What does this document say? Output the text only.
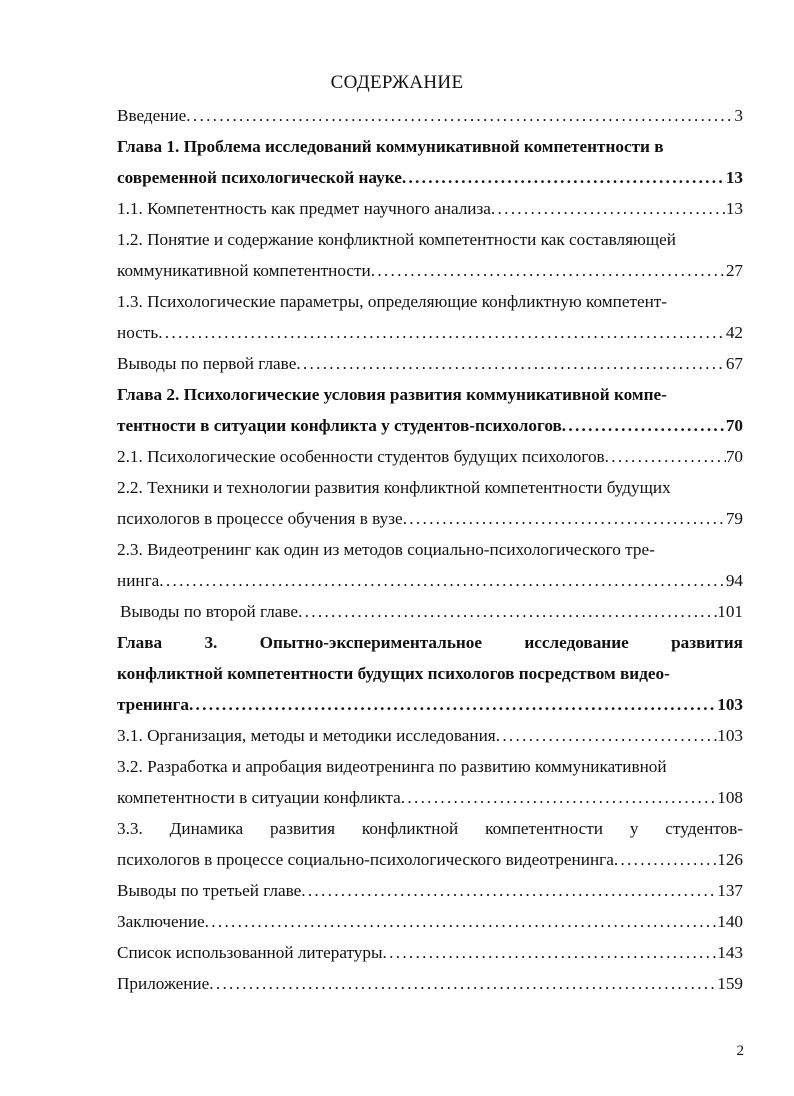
СОДЕРЖАНИЕ
Введение . . .	3
Глава 1. Проблема исследований коммуникативной компетентности в
современной психологической науке . . .	13
1.1. Компетентность как предмет научного анализа . . .	13
1.2. Понятие и содержание конфликтной компетентности как составляющей
коммуникативной компетентности . . .	27
1.3. Психологические параметры, определяющие конфликтную компетент-
ность . . .	42
Выводы по первой главе . . .	67
Глава 2. Психологические условия развития коммуникативной компе-
тентности в ситуации конфликта у студентов-психологов . . .	70
2.1. Психологические особенности студентов будущих психологов . . .	70
2.2. Техники и технологии развития конфликтной компетентности будущих
психологов в процессе обучения в вузе . . .	79
2.3. Видеотренинг как один из методов социально-психологического тре-
нинга . . .	94
Выводы по второй главе . . .	101
Глава 3. Опытно-экспериментальное исследование развития
конфликтной компетентности будущих психологов посредством видео-
тренинга . . .	103
3.1. Организация, методы и методики исследования . . .	103
3.2. Разработка и апробация видеотренинга по развитию коммуникативной
компетентности в ситуации конфликта . . .	108
3.3. Динамика развития конфликтной компетентности у студентов-
психологов в процессе социально-психологического видеотренинга . . .	126
Выводы по третьей главе . . .	137
Заключение . . .	140
Список использованной литературы . . .	143
Приложение . . .	159
2
